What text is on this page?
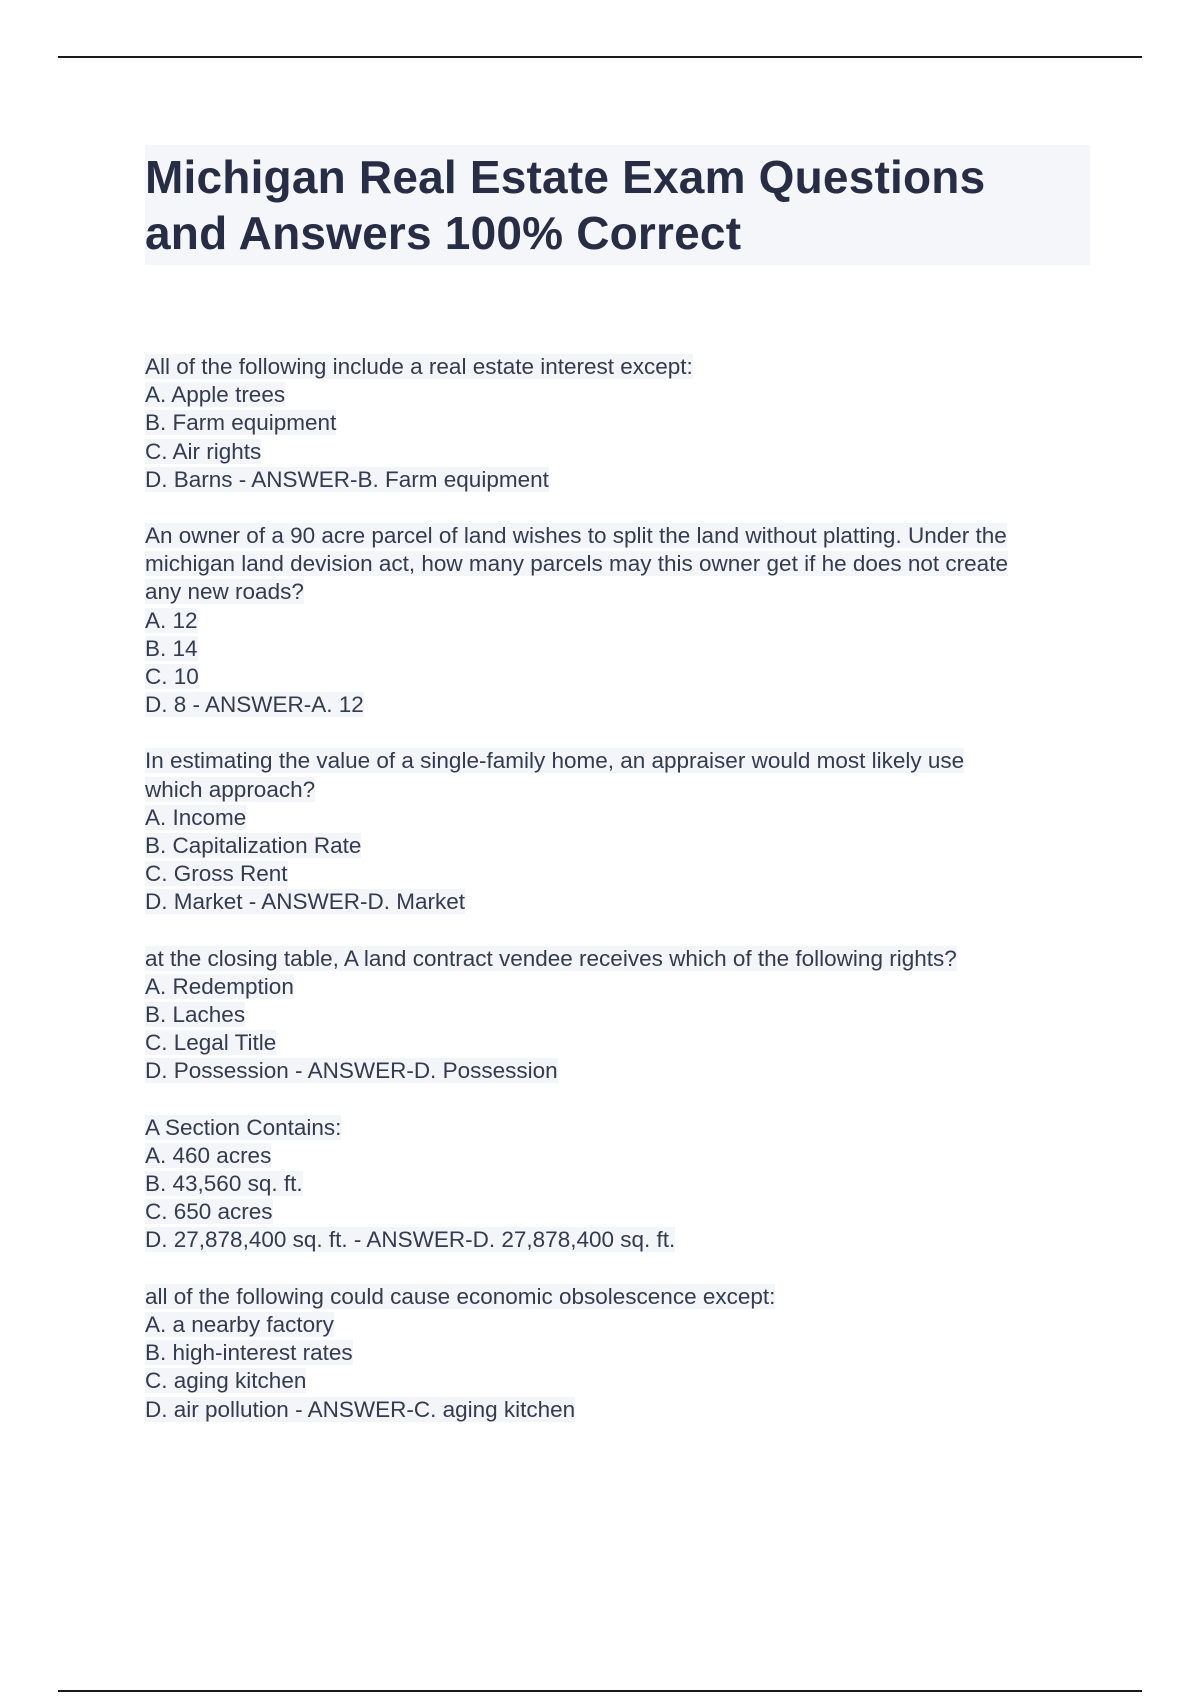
Michigan Real Estate Exam Questions
and Answers 100% Correct
All of the following include a real estate interest except:
A. Apple trees
B. Farm equipment
C. Air rights
D. Barns - ANSWER-B. Farm equipment
An owner of a 90 acre parcel of land wishes to split the land without platting. Under the
michigan land devision act, how many parcels may this owner get if he does not create
any new roads?
A. 12
B. 14
C. 10
D. 8 - ANSWER-A. 12
In estimating the value of a single-family home, an appraiser would most likely use
which approach?
A. Income
B. Capitalization Rate
C. Gross Rent
D. Market - ANSWER-D. Market
at the closing table, A land contract vendee receives which of the following rights?
A. Redemption
B. Laches
C. Legal Title
D. Possession - ANSWER-D. Possession
A Section Contains:
A. 460 acres
B. 43,560 sq. ft.
C. 650 acres
D. 27,878,400 sq. ft. - ANSWER-D. 27,878,400 sq. ft.
all of the following could cause economic obsolescence except:
A. a nearby factory
B. high-interest rates
C. aging kitchen
D. air pollution - ANSWER-C. aging kitchen
